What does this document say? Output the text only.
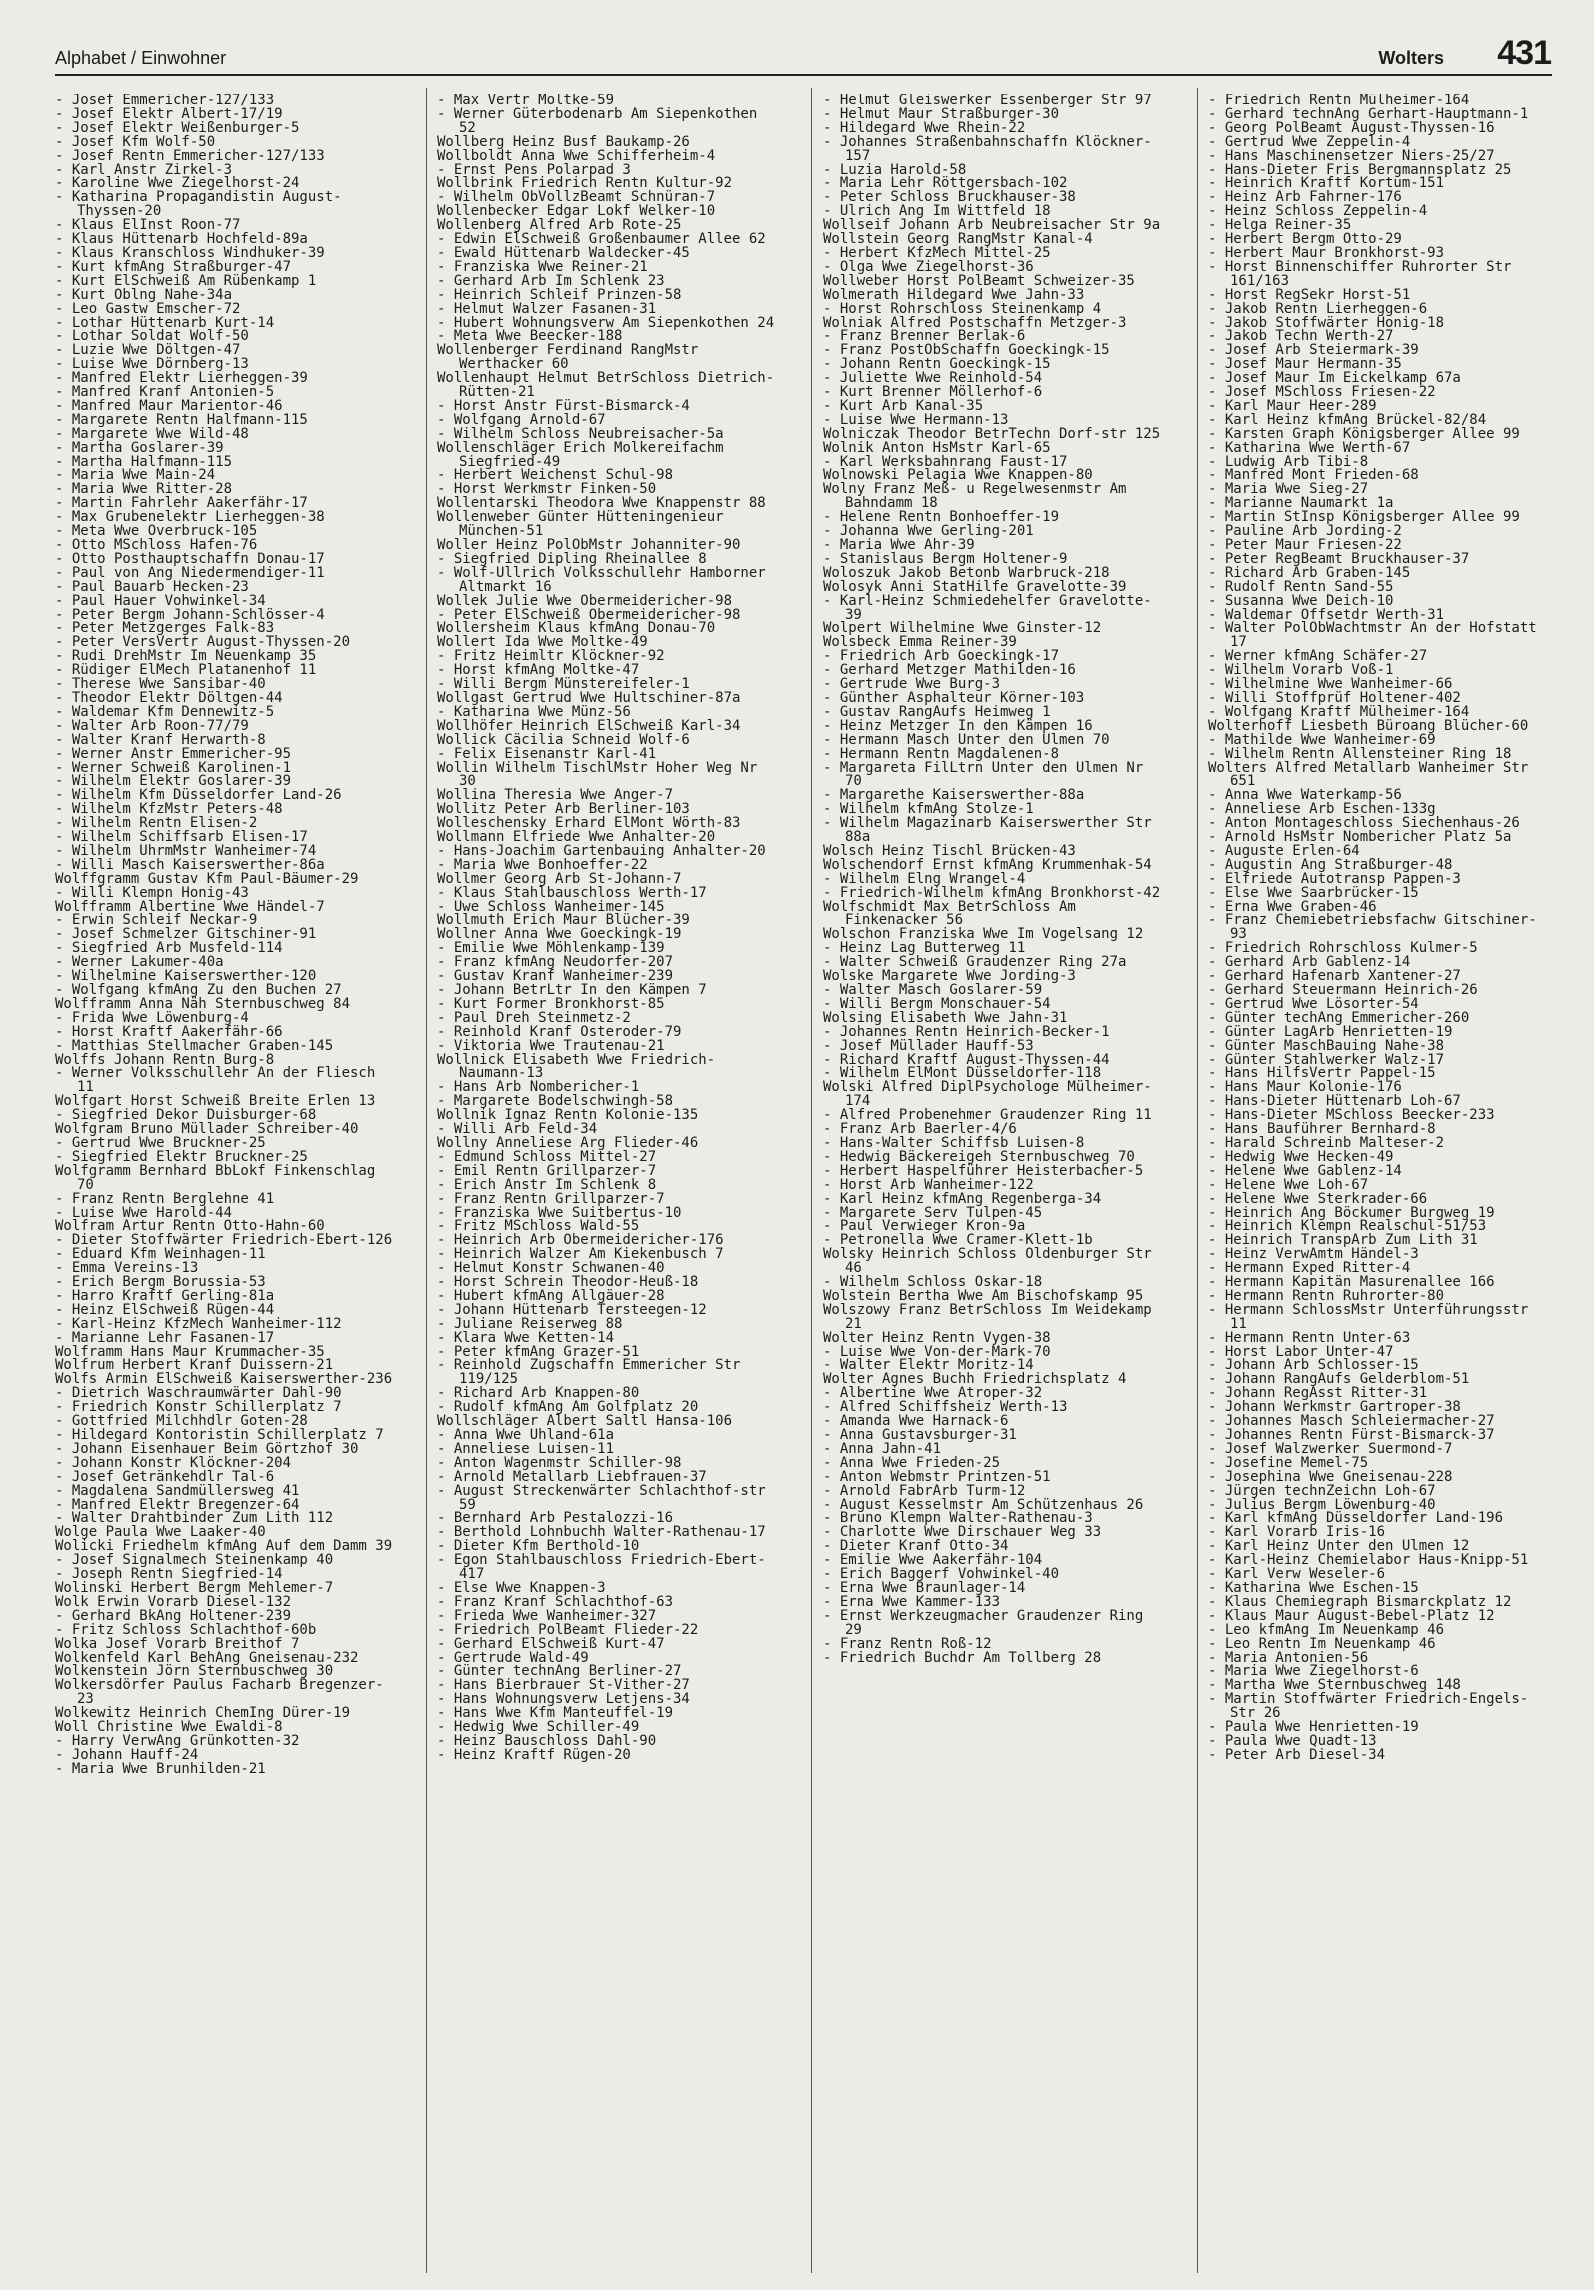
Alphabet / Einwohner	Wolters 431
- Josef Emmericher-127/133
- Josef Elektr Albert-17/19
- Josef Elektr Weißenburger-5
- Josef Kfm Wolf-50
- Josef Rentn Emmericher-127/133
- Karl Anstr Zirkel-3
- Karoline Wwe Ziegelhorst-24
- Katharina Propagandistin August-Thyssen-20
- Klaus ElInst Roon-77
- Klaus Hüttenarb Hochfeld-89a
- Klaus Kranschloss Windhuker-39
- Kurt kfmAng Straßburger-47
- Kurt ElSchweiß Am Rübenkamp 1
- Kurt Oblng Nahe-34a
- Leo Gastw Emscher-72
- Lothar Hüttenarb Kurt-14
- Lothar Soldat Wolf-50
- Luzie Wwe Döltgen-47
- Luise Wwe Dörnberg-13
- Manfred Elektr Lierheggen-39
- Manfred Kranf Antonien-5
- Manfred Maur Marientor-46
- Margarete Rentn Halfmann-115
- Margarete Wwe Wild-48
- Martha Goslarer-39
- Martha Halfmann-115
- Maria Wwe Main-24
- Maria Wwe Ritter-28
- Martin Fahrlehr Aakerfähr-17
- Max Grubenelektr Lierheggen-38
- Meta Wwe Overbruck-105
- Otto MSchloss Hafen-76
- Otto Posthauptschaffn Donau-17
- Paul von Ang Niedermendiger-11
- Paul Bauarb Hecken-23
- Paul Hauer Vohwinkel-34
- Peter Bergm Johann-Schlösser-4
- Peter Metzgerges Falk-83
- Peter VersVertr August-Thyssen-20
- Rudi DrehMstr Im Neuenkamp 35
- Rüdiger ElMech Platanenhof 11
- Therese Wwe Sansibar-40
- Theodor Elektr Döltgen-44
- Waldemar Kfm Dennewitz-5
- Walter Arb Roon-77/79
- Walter Kranf Herwarth-8
- Werner Anstr Emmericher-95
- Werner Schweiß Karolinen-1
- Wilhelm Elektr Goslarer-39
- Wilhelm Kfm Düsseldorfer Land-26
- Wilhelm KfzMstr Peters-48
- Wilhelm Rentn Elisen-2
- Wilhelm Schiffsarb Elisen-17
- Wilhelm UhrmMstr Wanheimer-74
- Willi Masch Kaiserswerther-86a
Wolffgramm Gustav Kfm Paul-Bäumer-29
- Willi Klempn Honig-43
Wolfframm Albertine Wwe Händel-7
- Erwin Schleif Neckar-9
- Josef Schmelzer Gitschiner-91
- Siegfried Arb Musfeld-114
- Werner Lakumer-40a
- Wilhelmine Kaiserswerther-120
- Wolfgang kfmAng Zu den Buchen 27
Wolfframm Anna Näh Sternbuschweg 84
- Frida Wwe Löwenburg-4
- Horst Kraftf Aakerfähr-66
- Matthias Stellmacher Graben-145
Wolffs Johann Rentn Burg-8
- Werner Volksschullehr An der Fliesch 11
Wolfgart Horst Schweiß Breite Erlen 13
- Siegfried Dekor Duisburger-68
Wolfgram Bruno Müllader Schreiber-40
- Gertrud Wwe Bruckner-25
- Siegfried Elektr Bruckner-25
Wolfgramm Bernhard BbLokf Finkenschlag 70
- Franz Rentn Berglehne 41
- Luise Wwe Harold-44
Wolfram Artur Rentn Otto-Hahn-60
- Dieter Stoffwärter Friedrich-Ebert-126
- Eduard Kfm Weinhagen-11
- Emma Vereins-13
- Erich Bergm Borussia-53
- Harro Kraftf Gerling-81a
- Heinz ElSchweiß Rügen-44
- Karl-Heinz KfzMech Wanheimer-112
- Marianne Lehr Fasanen-17
Wolframm Hans Maur Krummacher-35
Wolfrum Herbert Kranf Duissern-21
Wolfs Armin ElSchweiß Kaiserswerther-236
- Dietrich Waschraumwärter Dahl-90
- Friedrich Konstr Schillerplatz 7
- Gottfried Milchhdlr Goten-28
- Hildegard Kontoristin Schillerplatz 7
- Johann Eisenhauer Beim Görtzhof 30
- Johann Konstr Klöckner-204
- Josef Getränkehdlr Tal-6
- Magdalena Sandmüllersweg 41
- Manfred Elektr Bregenzer-64
- Walter Drahtbinder Zum Lith 112
Wolge Paula Wwe Laaker-40
Wolicki Friedhelm kfmAng Auf dem Damm 39
- Josef Signalmech Steinenkamp 40
- Joseph Rentn Siegfried-14
Wolinski Herbert Bergm Mehlemer-7
Wolk Erwin Vorarb Diesel-132
- Gerhard BkAng Holtener-239
- Fritz Schloss Schlachthof-60b
Wolka Josef Vorarb Breithof 7
Wolkenfeld Karl BehAng Gneisenau-232
Wolkenstein Jörn Sternbuschweg 30
Wolkersdörfer Paulus Facharb Bregenzer-23
Wolkewitz Heinrich ChemIng Dürer-19
Woll Christine Wwe Ewaldi-8
- Harry VerwAng Grünkotten-32
- Johann Hauff-24
- Maria Wwe Brunhilden-21
- Max Vertr Moltke-59
- Werner Güterbodenarb Am Siepenkothen 52
Wollberg Heinz Busf Baukamp-26
Wollboldt Anna Wwe Schifferheim-4
- Ernst Pens Polarpad 3
Wollbrink Friedrich Rentn Kultur-92
- Wilhelm ObVollzBeamt Schnüran-7
Wollenbecker Edgar Lokf Welker-10
Wollenberg Alfred Arb Rote-25
- Edwin ElSchweiß Großenbaumer Allee 62
- Ewald Hüttenarb Waldecker-45
- Franziska Wwe Reiner-21
- Gerhard Arb Im Schlenk 23
- Heinrich Schleif Prinzen-58
- Helmut Walzer Fasanen-31
- Hubert Wohnungsverw Am Siepenkothen 24
- Meta Wwe Beecker-188
Wollenberger Ferdinand RangMstr Werthacker 60
Wollenhaupt Helmut BetrSchloss Dietrich-Rütten-21
- Horst Anstr Fürst-Bismarck-4
- Wolfgang Arnold-67
- Wilhelm Schloss Neubreisacher-5a
Wollenschläger Erich Molkereifachm Siegfried-49
- Herbert Weichenst Schul-98
- Horst Werkmstr Finken-50
Wollentarski Theodora Wwe Knappenstr 88
Wollenweber Günter Hütteningenieur München-51
Woller Heinz PolObMstr Johanniter-90
- Siegfried Dipling Rheinallee 8
- Wolf-Ullrich Volksschullehr Hamborner Altmarkt 16
Wollek Julie Wwe Obermeidericher-98
- Peter ElSchweiß Obermeidericher-98
Wollersheim Klaus kfmAng Donau-70
Wollert Ida Wwe Moltke-49
- Fritz Heimltr Klöckner-92
- Horst kfmAng Moltke-47
- Willi Bergm Münstereifeler-1
Wollgast Gertrud Wwe Hultschiner-87a
- Katharina Wwe Münz-56
Wollhöfer Heinrich ElSchweiß Karl-34
Wollick Cäcilia Schneid Wolf-6
- Felix Eisenanstr Karl-41
Wollin Wilhelm TischlMstr Hoher Weg Nr 30
Wollina Theresia Wwe Anger-7
Wollitz Peter Arb Berliner-103
Wolleschensky Erhard ElMont Wörth-83
Wollmann Elfriede Wwe Anhalter-20
- Hans-Joachim Gartenbauing Anhalter-20
- Maria Wwe Bonhoeffer-22
Wollmer Georg Arb St-Johann-7
- Klaus Stahlbauschloss Werth-17
- Uwe Schloss Wanheimer-145
Wollmuth Erich Maur Blücher-39
Wollner Anna Wwe Goeckingk-19
- Emilie Wwe Möhlenkamp-139
- Franz kfmAng Neudorfer-207
- Gustav Kranf Wanheimer-239
- Johann BetrLtr In den Kämpen 7
- Kurt Former Bronkhorst-85
- Paul Dreh Steinmetz-2
- Reinhold Kranf Osteroder-79
- Viktoria Wwe Trautenau-21
Wollnick Elisabeth Wwe Friedrich-Naumann-13
- Hans Arb Nombericher-1
- Margarete Bodelschwingh-58
Wollnik Ignaz Rentn Kolonie-135
- Willi Arb Feld-34
Wollny Anneliese Arg Flieder-46
- Edmund Schloss Mittel-27
- Emil Rentn Grillparzer-7
- Erich Anstr Im Schlenk 8
- Franz Rentn Grillparzer-7
- Franziska Wwe Suitbertus-10
- Fritz MSchloss Wald-55
- Heinrich Arb Obermeidericher-176
- Heinrich Walzer Am Kiekenbusch 7
- Helmut Konstr Schwanen-40
- Horst Schrein Theodor-Heuß-18
- Hubert kfmAng Allgäuer-28
- Johann Hüttenarb Tersteegen-12
- Juliane Reiserweg 88
- Klara Wwe Ketten-14
- Peter kfmAng Grazer-51
- Reinhold Zugschaffn Emmericher Str 119/125
- Richard Arb Knappen-80
- Rudolf kfmAng Am Golfplatz 20
Wollschläger Albert Saltl Hansa-106
- Anna Wwe Uhland-61a
- Anneliese Luisen-11
- Anton Wagenmstr Schiller-98
- Arnold Metallarb Liebfrauen-37
- August Streckenwärter Schlachthof-str 59
- Bernhard Arb Pestalozzi-16
- Berthold Lohnbuchh Walter-Rathenau-17
- Dieter Kfm Berthold-10
- Egon Stahlbauschloss Friedrich-Ebert-417
- Else Wwe Knappen-3
- Franz Kranf Schlachthof-63
- Frieda Wwe Wanheimer-327
- Friedrich PolBeamt Flieder-22
- Gerhard ElSchweiß Kurt-47
- Gertrude Wald-49
- Günter technAng Berliner-27
- Hans Bierbrauer St-Vither-27
- Hans Wohnungsverw Letjens-34
- Hans Wwe Kfm Manteuffel-19
- Hedwig Wwe Schiller-49
- Heinz Bauschloss Dahl-90
- Heinz Kraftf Rügen-20
- Helmut Gleiswerker Essenberger Str 97
- Helmut Maur Straßburger-30
- Hildegard Wwe Rhein-22
- Johannes Straßenbahnschaffn Klöckner-157
- Luzia Harold-58
- Maria Lehr Röttgersbach-102
- Peter Schloss Bruckhauser-38
- Ulrich Ang Im Wittfeld 18
Wollseif Johann Arb Neubreisacher Str 9a
Wollstein Georg RangMstr Kanal-4
- Herbert KfzMech Mittel-25
- Olga Wwe Ziegelhorst-36
Wollweber Horst PolBeamt Schweizer-35
Wolmerath Hildegard Wwe Jahn-33
- Horst Rohrschloss Steinenkamp 4
Wolniak Alfred Postschaffn Metzger-3
- Franz Brenner Berlak-6
- Franz PostObSchaffn Goeckingk-15
- Johann Rentn Goeckingk-15
- Juliette Wwe Reinhold-54
- Kurt Brenner Möllerhof-6
- Kurt Arb Kanal-35
- Luise Wwe Hermann-13
Wolniczak Theodor BetrTechn Dorf-str 125
Wolnik Anton HsMstr Karl-65
- Karl Werksbahnrang Faust-17
Wolnowski Pelagia Wwe Knappen-80
Wolny Franz Meß- u Regelwesenmstr Am Bahndamm 18
- Helene Rentn Bonhoeffer-19
- Johanna Wwe Gerling-201
- Maria Wwe Ahr-39
- Stanislaus Bergm Holtener-9
Woloszuk Jakob Betonb Warbruck-218
Wolosyk Anni StatHilfe Gravelotte-39
- Karl-Heinz Schmiedehelfer Gravelotte-39
Wolpert Wilhelmine Wwe Ginster-12
Wolsbeck Emma Reiner-39
- Friedrich Arb Goeckingk-17
- Gerhard Metzger Mathilden-16
- Gertrude Wwe Burg-3
- Günther Asphalteur Körner-103
- Gustav RangAufs Heimweg 1
- Heinz Metzger In den Kämpen 16
- Hermann Masch Unter den Ulmen 70
- Hermann Rentn Magdalenen-8
- Margareta FilLtrn Unter den Ulmen Nr 70
- Margarethe Kaiserswerther-88a
- Wilhelm kfmAng Stolze-1
- Wilhelm Magazinarb Kaiserswerther Str 88a
Wolsch Heinz Tischl Brücken-43
Wolschendorf Ernst kfmAng Krummenhak-54
- Wilhelm Elng Wrangel-4
- Friedrich-Wilhelm kfmAng Bronkhorst-42
Wolfschmidt Max BetrSchloss Am Finkenacker 56
Wolschon Franziska Wwe Im Vogelsang 12
- Heinz Lag Butterweg 11
- Walter Schweiß Graudenzer Ring 27a
Wolske Margarete Wwe Jording-3
- Walter Masch Goslarer-59
- Willi Bergm Monschauer-54
Wolsing Elisabeth Wwe Jahn-31
- Johannes Rentn Heinrich-Becker-1
- Josef Müllader Hauff-53
- Richard Kraftf August-Thyssen-44
- Wilhelm ElMont Düsseldorfer-118
Wolski Alfred DiplPsychologe Mülheimer-174
- Alfred Probenehmer Graudenzer Ring 11
- Franz Arb Baerler-4/6
- Hans-Walter Schiffsb Luisen-8
- Hedwig Bäckereigeh Sternbuschweg 70
- Herbert Haspelführer Heisterbacher-5
- Horst Arb Wanheimer-122
- Karl Heinz kfmAng Regenberga-34
- Margarete Serv Tulpen-45
- Paul Verwieger Kron-9a
- Petronella Wwe Cramer-Klett-1b
Wolsky Heinrich Schloss Oldenburger Str 46
- Wilhelm Schloss Oskar-18
Wolstein Bertha Wwe Am Bischofskamp 95
Wolszowy Franz BetrSchloss Im Weidekamp 21
Wolter Heinz Rentn Vygen-38
- Luise Wwe Von-der-Mark-70
- Walter Elektr Moritz-14
Wolter Agnes Buchh Friedrichsplatz 4
- Albertine Wwe Atroper-32
- Alfred Schiffsheiz Werth-13
- Amanda Wwe Harnack-6
- Anna Gustavsburger-31
- Anna Jahn-41
- Anna Wwe Frieden-25
- Anton Webmstr Printzen-51
- Arnold FabrArb Turm-12
- August Kesselmstr Am Schützenhaus 26
- Bruno Klempn Walter-Rathenau-3
- Charlotte Wwe Dirschauer Weg 33
- Dieter Kranf Otto-34
- Emilie Wwe Aakerfähr-104
- Erich Baggerf Vohwinkel-40
- Erna Wwe Braunlager-14
- Erna Wwe Kammer-133
- Ernst Werkzeugmacher Graudenzer Ring 29
- Franz Rentn Roß-12
- Friedrich Buchdr Am Tollberg 28
- Friedrich Rentn Mülheimer-164
- Gerhard technAng Gerhart-Hauptmann-1
- Georg PolBeamt August-Thyssen-16
- Gertrud Wwe Zeppelin-4
- Hans Maschinensetzer Niers-25/27
- Hans-Dieter Fris Bergmannsplatz 25
- Heinrich Kraftf Kortum-151
- Heinz Arb Fahrner-176
- Heinz Schloss Zeppelin-4
- Helga Reiner-35
- Herbert Bergm Otto-29
- Herbert Maur Bronkhorst-93
- Horst Binnenschiffer Ruhrorter Str 161/163
- Horst RegSekr Horst-51
- Jakob Rentn Lierheggen-6
- Jakob Stoffwärter Honig-18
- Jakob Techn Werth-27
- Josef Arb Steiermark-39
- Josef Maur Hermann-35
- Josef Maur Im Eickelkamp 67a
- Josef MSchloss Friesen-22
- Karl Maur Heer-289
- Karl Heinz kfmAng Brückel-82/84
- Karsten Graph Königsberger Allee 99
- Katharina Wwe Werth-67
- Ludwig Arb Tibi-8
- Manfred Mont Frieden-68
- Maria Wwe Sieg-27
- Marianne Naumarkt 1a
- Martin StInsp Königsberger Allee 99
- Pauline Arb Jording-2
- Peter Maur Friesen-22
- Peter RegBeamt Bruckhauser-37
- Richard Arb Graben-145
- Rudolf Rentn Sand-55
- Susanna Wwe Deich-10
- Waldemar Offsetdr Werth-31
- Walter PolObWachtmstr An der Hofstatt 17
- Werner kfmAng Schäfer-27
- Wilhelm Vorarb Voß-1
- Wilhelmine Wwe Wanheimer-66
- Willi Stoffprüf Holtener-402
- Wolfgang Kraftf Mülheimer-164
Wolterhoff Liesbeth Büroang Blücher-60
- Mathilde Wwe Wanheimer-69
- Wilhelm Rentn Allensteiner Ring 18
Wolters Alfred Metallarb Wanheimer Str 651
- Anna Wwe Waterkamp-56
- Anneliese Arb Eschen-133g
- Anton Montageschloss Siechenhaus-26
- Arnold HsMstr Nombericher Platz 5a
- Auguste Erlen-64
- Augustin Ang Straßburger-48
- Elfriede Autotransp Pappen-3
- Else Wwe Saarbrücker-15
- Erna Wwe Graben-46
- Franz Chemiebetriebsfachw Gitschiner-93
- Friedrich Rohrschloss Kulmer-5
- Gerhard Arb Gablenz-14
- Gerhard Hafenarb Xantener-27
- Gerhard Steuermann Heinrich-26
- Gertrud Wwe Lösorter-54
- Günter techAng Emmericher-260
- Günter LagArb Henrietten-19
- Günter MaschBauing Nahe-38
- Günter Stahlwerker Walz-17
- Hans HilfsVertr Pappel-15
- Hans Maur Kolonie-176
- Hans-Dieter Hüttenarb Loh-67
- Hans-Dieter MSchloss Beecker-233
- Hans Bauführer Bernhard-8
- Harald Schreinb Malteser-2
- Hedwig Wwe Hecken-49
- Helene Wwe Gablenz-14
- Helene Wwe Loh-67
- Helene Wwe Sterkrader-66
- Heinrich Ang Böckumer Burgweg 19
- Heinrich Klempn Realschul-51/53
- Heinrich TranspArb Zum Lith 31
- Heinz VerwAmtm Händel-3
- Hermann Exped Ritter-4
- Hermann Kapitän Masurenallee 166
- Hermann Rentn Ruhrorter-80
- Hermann SchlossMstr Unterführungsstr 11
- Hermann Rentn Unter-63
- Horst Labor Unter-47
- Johann Arb Schlosser-15
- Johann RangAufs Gelderblom-51
- Johann RegAsst Ritter-31
- Johann Werkmstr Gartroper-38
- Johannes Masch Schleiermacher-27
- Johannes Rentn Fürst-Bismarck-37
- Josef Walzwerker Suermond-7
- Josefine Memel-75
- Josephina Wwe Gneisenau-228
- Jürgen technZeichn Loh-67
- Julius Bergm Löwenburg-40
- Karl kfmAng Düsseldorfer Land-196
- Karl Vorarb Iris-16
- Karl Heinz Unter den Ulmen 12
- Karl-Heinz Chemielabor Haus-Knipp-51
- Karl Verw Weseler-6
- Katharina Wwe Eschen-15
- Klaus Chemiegraph Bismarckplatz 12
- Klaus Maur August-Bebel-Platz 12
- Leo kfmAng Im Neuenkamp 46
- Leo Rentn Im Neuenkamp 46
- Maria Antonien-56
- Maria Wwe Ziegelhorst-6
- Martha Wwe Sternbuschweg 148
- Martin Stoffwärter Friedrich-Engels-Str 26
- Paula Wwe Henrietten-19
- Paula Wwe Quadt-13
- Peter Arb Diesel-34
